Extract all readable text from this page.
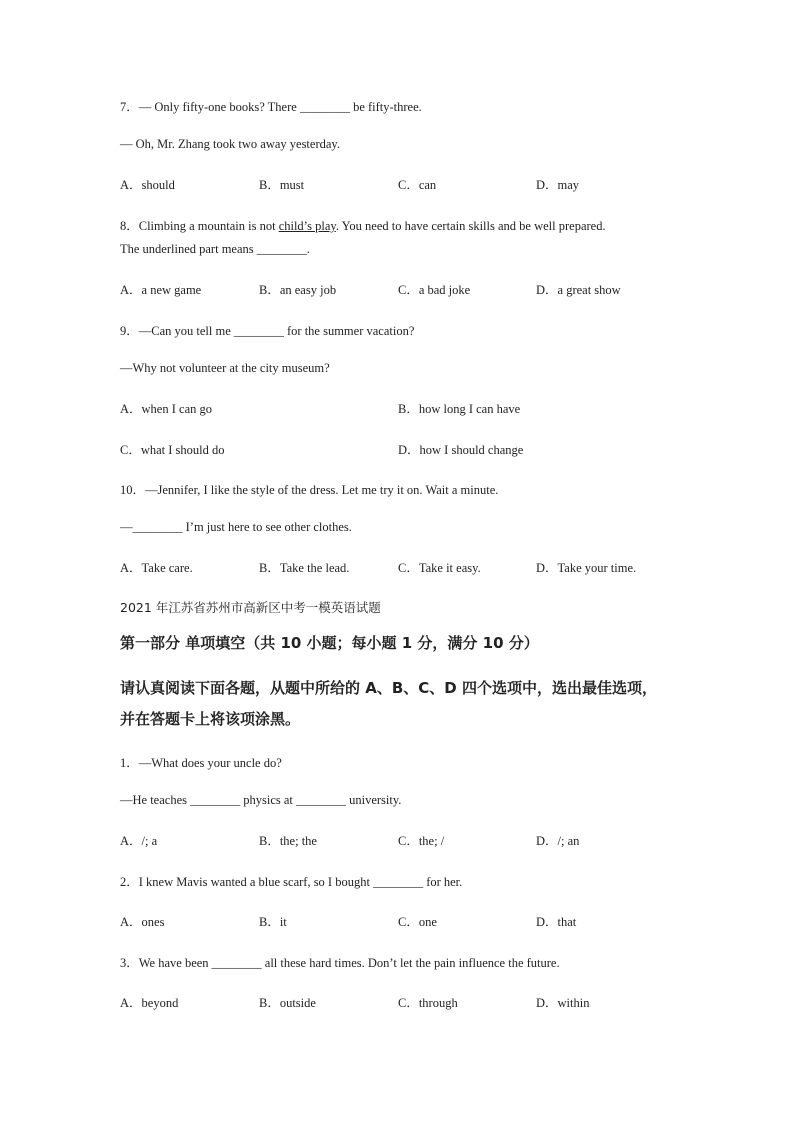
7．— Only fifty-one books? There ________ be fifty-three.
— Oh, Mr. Zhang took two away yesterday.
A．should	B．must	C．can	D．may
8．Climbing a mountain is not child’s play. You need to have certain skills and be well prepared.
The underlined part means ________.
A．a new game	B．an easy job	C．a bad joke	D．a great show
9．—Can you tell me ________ for the summer vacation?
—Why not volunteer at the city museum?
A．when I can go	B．how long I can have
C．what I should do	D．how I should change
10．—Jennifer, I like the style of the dress. Let me try it on. Wait a minute.
—________ I’m just here to see other clothes.
A．Take care.	B．Take the lead.	C．Take it easy.	D．Take your time.
2021 年江苏省苏州市高新区中考一模英语试题
第一部分 单项填空（共 10 小题；每小题 1 分，满分 10 分）
请认真阅读下面各题，从题中所给的 A、B、C、D 四个选项中，选出最佳选项，
并在答题卡上将该项涂黑。
1．—What does your uncle do?
—He teaches ________ physics at ________ university.
A．/; a	B．the; the	C．the; /	D．/; an
2．I knew Mavis wanted a blue scarf, so I bought ________ for her.
A．ones	B．it	C．one	D．that
3．We have been ________ all these hard times. Don’t let the pain influence the future.
A．beyond	B．outside	C．through	D．within
